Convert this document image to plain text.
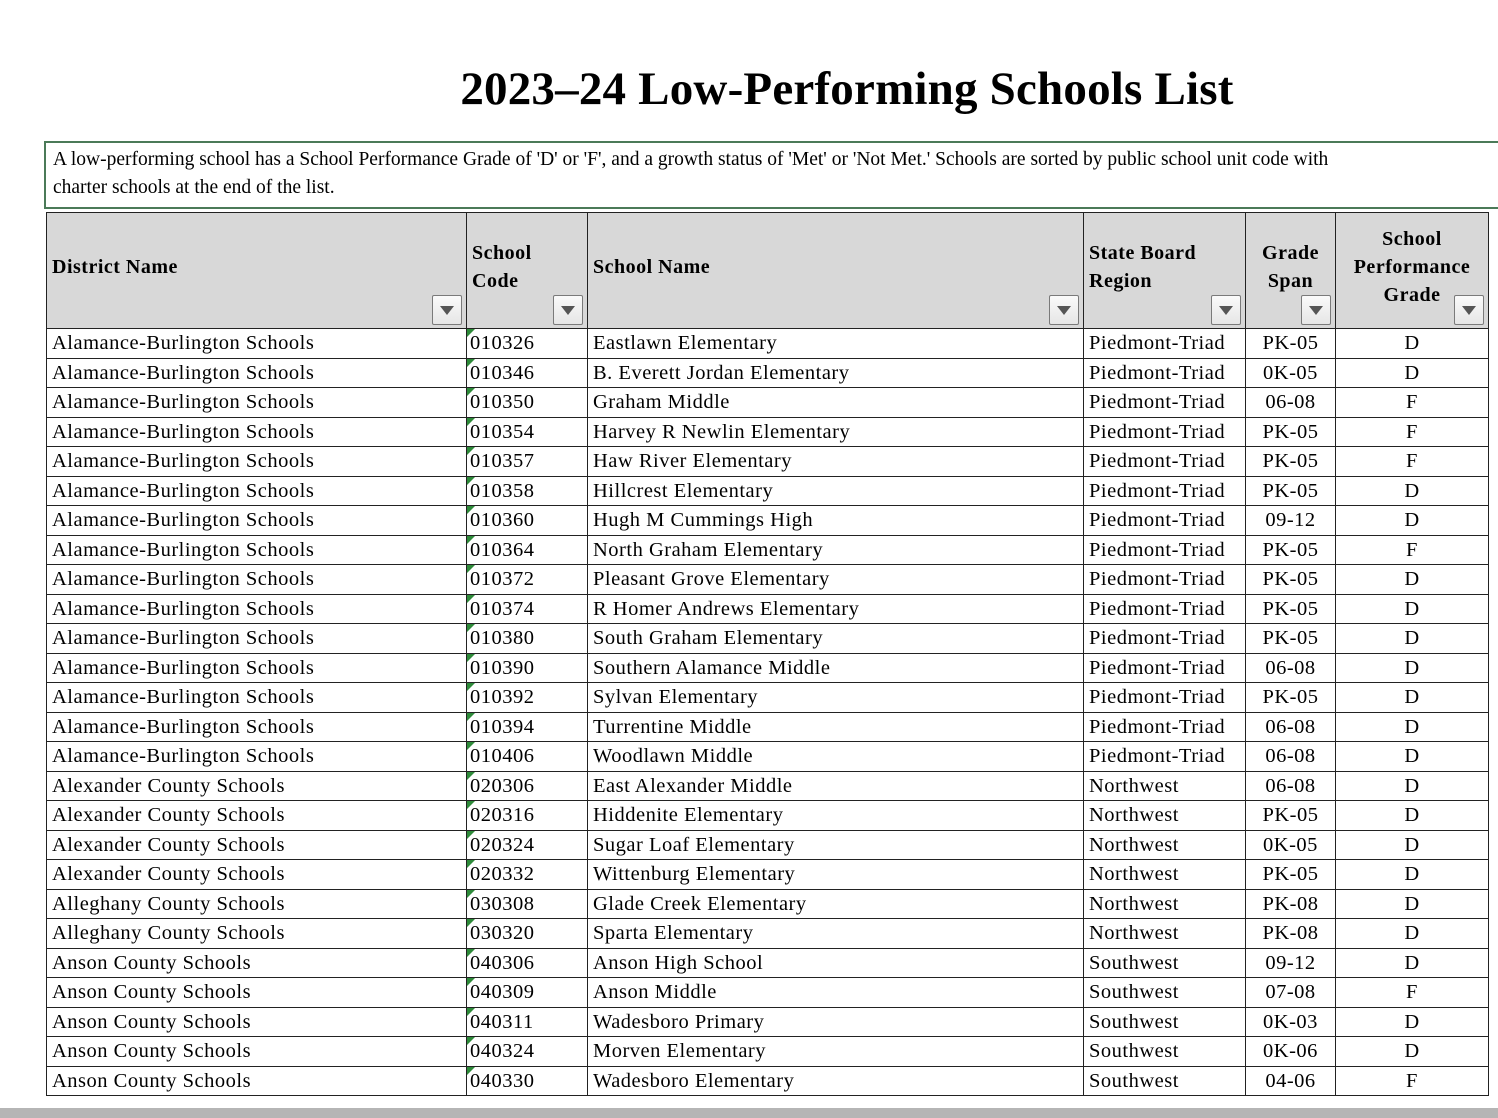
2023–24 Low-Performing Schools List
A low-performing school has a School Performance Grade of 'D' or 'F', and a growth status of 'Met' or 'Not Met.' Schools are sorted by public school unit code with
charter schools at the end of the list.
District Name	School Code	School Name	State Board Region	Grade Span	School Performance Grade

Alamance-Burlington Schools	010326	Eastlawn Elementary	Piedmont-Triad	PK-05	D
Alamance-Burlington Schools	010346	B. Everett Jordan Elementary	Piedmont-Triad	0K-05	D
Alamance-Burlington Schools	010350	Graham Middle	Piedmont-Triad	06-08	F
Alamance-Burlington Schools	010354	Harvey R Newlin Elementary	Piedmont-Triad	PK-05	F
Alamance-Burlington Schools	010357	Haw River Elementary	Piedmont-Triad	PK-05	F
Alamance-Burlington Schools	010358	Hillcrest Elementary	Piedmont-Triad	PK-05	D
Alamance-Burlington Schools	010360	Hugh M Cummings High	Piedmont-Triad	09-12	D
Alamance-Burlington Schools	010364	North Graham Elementary	Piedmont-Triad	PK-05	F
Alamance-Burlington Schools	010372	Pleasant Grove Elementary	Piedmont-Triad	PK-05	D
Alamance-Burlington Schools	010374	R Homer Andrews Elementary	Piedmont-Triad	PK-05	D
Alamance-Burlington Schools	010380	South Graham Elementary	Piedmont-Triad	PK-05	D
Alamance-Burlington Schools	010390	Southern Alamance Middle	Piedmont-Triad	06-08	D
Alamance-Burlington Schools	010392	Sylvan Elementary	Piedmont-Triad	PK-05	D
Alamance-Burlington Schools	010394	Turrentine Middle	Piedmont-Triad	06-08	D
Alamance-Burlington Schools	010406	Woodlawn Middle	Piedmont-Triad	06-08	D
Alexander County Schools	020306	East Alexander Middle	Northwest	06-08	D
Alexander County Schools	020316	Hiddenite Elementary	Northwest	PK-05	D
Alexander County Schools	020324	Sugar Loaf Elementary	Northwest	0K-05	D
Alexander County Schools	020332	Wittenburg Elementary	Northwest	PK-05	D
Alleghany County Schools	030308	Glade Creek Elementary	Northwest	PK-08	D
Alleghany County Schools	030320	Sparta Elementary	Northwest	PK-08	D
Anson County Schools	040306	Anson High School	Southwest	09-12	D
Anson County Schools	040309	Anson Middle	Southwest	07-08	F
Anson County Schools	040311	Wadesboro Primary	Southwest	0K-03	D
Anson County Schools	040324	Morven Elementary	Southwest	0K-06	D
Anson County Schools	040330	Wadesboro Elementary	Southwest	04-06	F
